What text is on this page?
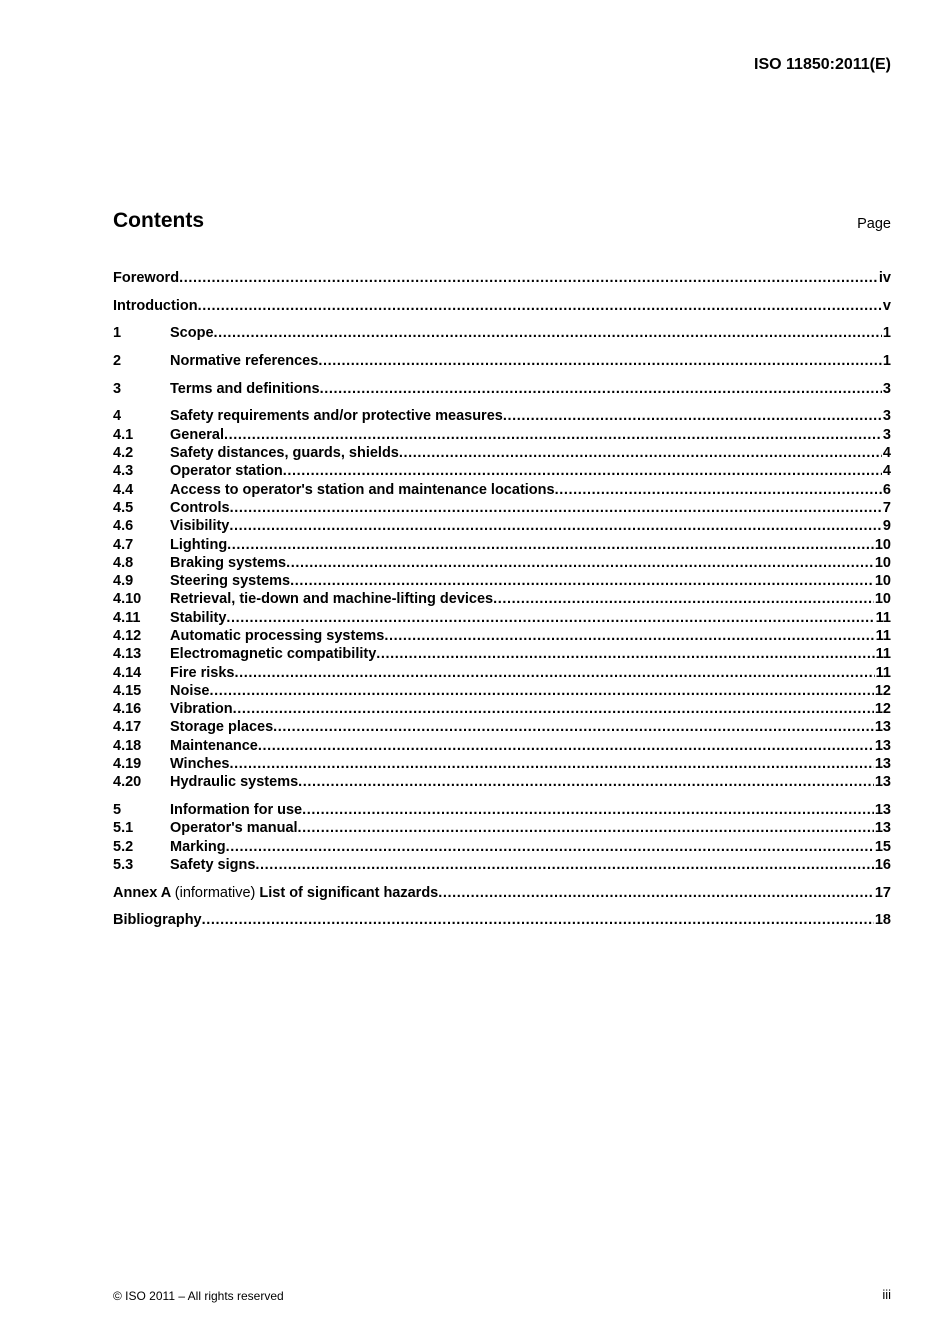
ISO 11850:2011(E)
Contents	Page
Foreword .....	iv
Introduction .....	v
1	Scope .....	1
2	Normative references .....	1
3	Terms and definitions .....	3
4	Safety requirements and/or protective measures .....	3
4.1	General .....	3
4.2	Safety distances, guards, shields .....	4
4.3	Operator station .....	4
4.4	Access to operator's station and maintenance locations .....	6
4.5	Controls .....	7
4.6	Visibility .....	9
4.7	Lighting .....	10
4.8	Braking systems .....	10
4.9	Steering systems .....	10
4.10	Retrieval, tie-down and machine-lifting devices .....	10
4.11	Stability .....	11
4.12	Automatic processing systems .....	11
4.13	Electromagnetic compatibility .....	11
4.14	Fire risks .....	11
4.15	Noise .....	12
4.16	Vibration .....	12
4.17	Storage places .....	13
4.18	Maintenance .....	13
4.19	Winches .....	13
4.20	Hydraulic systems .....	13
5	Information for use .....	13
5.1	Operator's manual .....	13
5.2	Marking .....	15
5.3	Safety signs .....	16
Annex A (informative) List of significant hazards .....	17
Bibliography .....	18
© ISO 2011 – All rights reserved	iii
